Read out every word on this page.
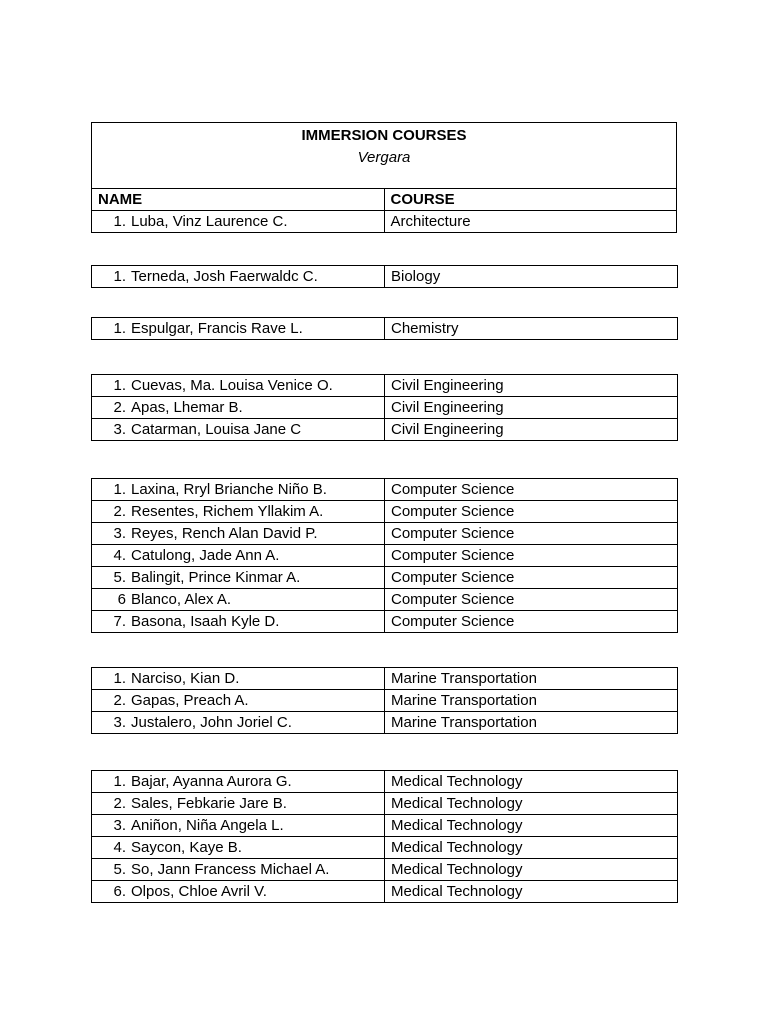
IMMERSION COURSES
Vergara	

NAME	COURSE
1. Luba, Vinz Laurence C.	Architecture
1. Terneda, Josh Faerwaldc C.	Biology
1. Espulgar, Francis Rave L.	Chemistry
1. Cuevas, Ma. Louisa Venice O.	Civil Engineering
2. Apas, Lhemar B.	Civil Engineering
3. Catarman, Louisa Jane C	Civil Engineering
1. Laxina, Rryl Brianche Niño B.	Computer Science
2. Resentes, Richem Yllakim A.	Computer Science
3. Reyes, Rench Alan David P.	Computer Science
4. Catulong, Jade Ann A.	Computer Science
5. Balingit, Prince Kinmar A.	Computer Science
6 Blanco, Alex A.	Computer Science
7. Basona, Isaah Kyle D.	Computer Science
1. Narciso, Kian D.	Marine Transportation
2. Gapas, Preach A.	Marine Transportation
3. Justalero, John Joriel C.	Marine Transportation
1. Bajar, Ayanna Aurora G.	Medical Technology
2. Sales, Febkarie Jare B.	Medical Technology
3. Aniñon, Niña Angela L.	Medical Technology
4. Saycon, Kaye B.	Medical Technology
5. So, Jann Francess Michael A.	Medical Technology
6. Olpos, Chloe Avril V.	Medical Technology
